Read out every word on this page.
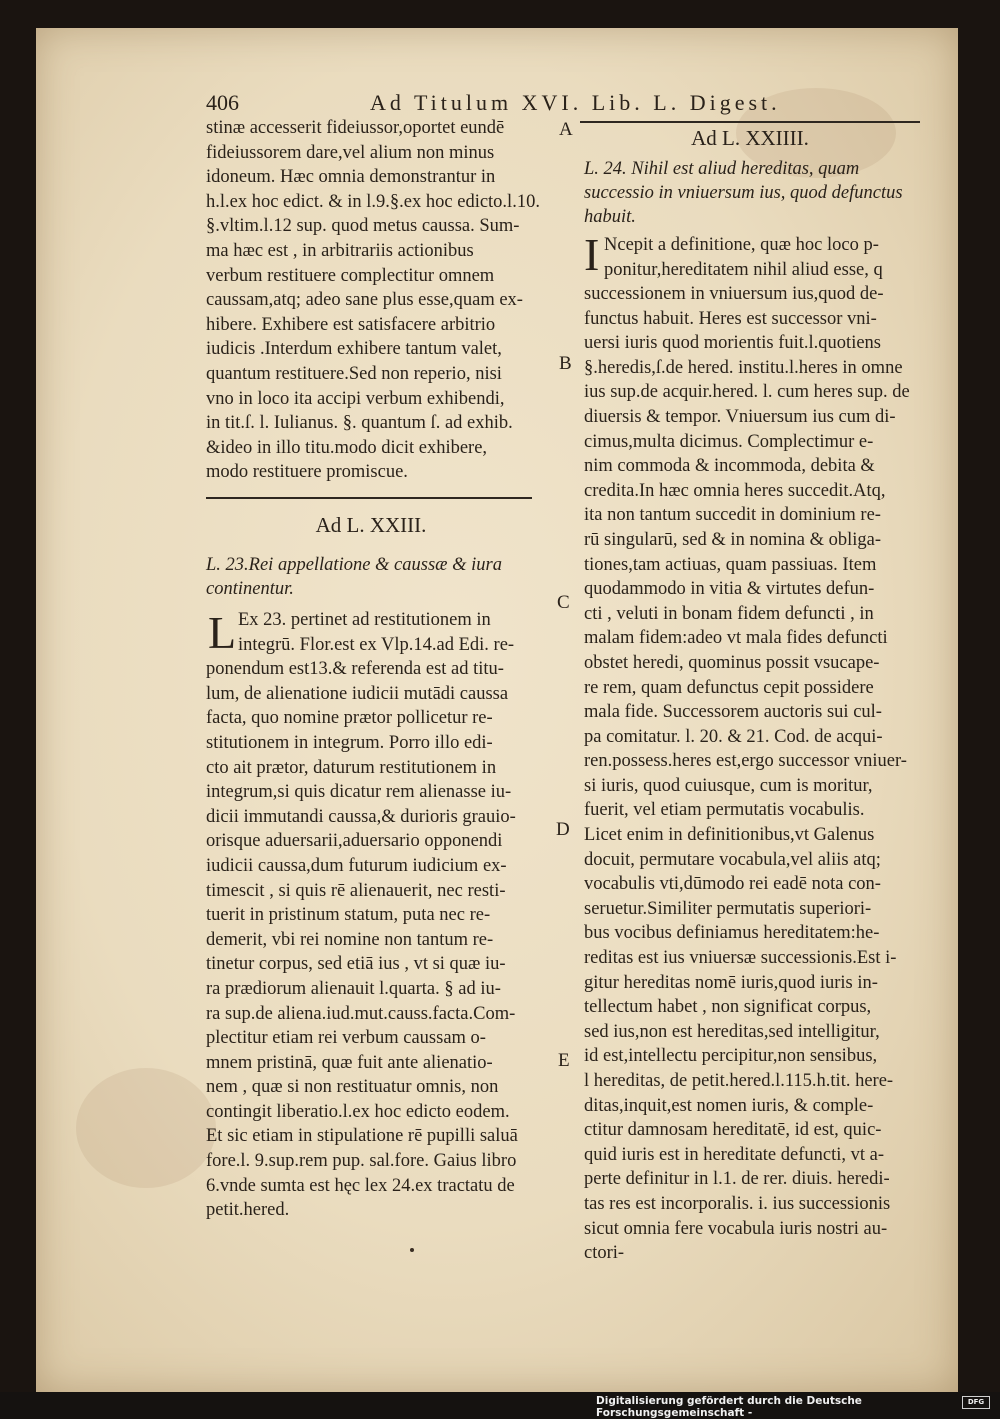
406	Ad Titulum XVI. Lib. L. Digest.
stinæ accesserit fideiussor,oportet eundē
fideiussorem dare,vel alium non minus
idoneum. Hæc omnia demonstrantur in
h.l.ex hoc edict. & in l.9.§.ex hoc edicto.l.10.
§.vltim.l.12 sup. quod metus caussa. Sum-
ma hæc est , in arbitrariis actionibus
verbum restituere complectitur omnem
caussam,atq; adeo sane plus esse,quam ex-
hibere. Exhibere est satisfacere arbitrio
iudicis .Interdum exhibere tantum valet,
quantum restituere.Sed non reperio, nisi
vno in loco ita accipi verbum exhibendi,
in tit.ſ. l. Iulianus. §. quantum ſ. ad exhib.
&ideo in illo titu.modo dicit exhibere,
modo restituere promiscue.
Ad L. XXIII.
L. 23.Rei appellatione & caussæ & iura
continentur.
L Ex 23. pertinet ad restitutionem in
integrū. Flor.est ex Vlp.14.ad Edi. re-
ponendum est13.& referenda est ad titu-
lum, de alienatione iudicii mutādi caussa
facta, quo nomine prætor pollicetur re-
stitutionem in integrum. Porro illo edi-
cto ait prætor, daturum restitutionem in
integrum,si quis dicatur rem alienasse iu-
dicii immutandi caussa,& durioris grauio-
orisque aduersarii,aduersario opponendi
iudicii caussa,dum futurum iudicium ex-
timescit , si quis rē alienauerit, nec resti-
tuerit in pristinum statum, puta nec re-
demerit, vbi rei nomine non tantum re-
tinetur corpus, sed etiā ius , vt si quæ iu-
ra prædiorum alienauit l.quarta. § ad iu-
ra sup.de aliena.iud.mut.causs.facta.Com-
plectitur etiam rei verbum caussam o-
mnem pristinā, quæ fuit ante alienatio-
nem , quæ si non restituatur omnis, non
contingit liberatio.l.ex hoc edicto eodem.
Et sic etiam in stipulatione rē pupilli saluā
fore.l. 9.sup.rem pup. sal.fore. Gaius libro
6.vnde sumta est hęc lex 24.ex tractatu de
petit.hered.
Ad L. XXIIII.
L. 24. Nihil est aliud hereditas, quam
successio in vniuersum ius, quod defunctus
habuit.
I Ncepit a definitione, quæ hoc loco p-
ponitur,hereditatem nihil aliud esse, q
successionem in vniuersum ius,quod de-
functus habuit. Heres est successor vni-
uersi iuris quod morientis fuit.l.quotiens
§.heredis,ſ.de hered. institu.l.heres in omne
ius sup.de acquir.hered. l. cum heres sup. de
diuersis & tempor. Vniuersum ius cum di-
cimus,multa dicimus. Complectimur e-
nim commoda & incommoda, debita &
credita.In hæc omnia heres succedit.Atq,
ita non tantum succedit in dominium re-
rū singularū, sed & in nomina & obliga-
tiones,tam actiuas, quam passiuas. Item
quodammodo in vitia & virtutes defun-
cti , veluti in bonam fidem defuncti , in
malam fidem:adeo vt mala fides defuncti
obstet heredi, quominus possit vsucape-
re rem, quam defunctus cepit possidere
mala fide. Successorem auctoris sui cul-
pa comitatur. l. 20. & 21. Cod. de acqui-
ren.possess.heres est,ergo successor vniuer-
si iuris, quod cuiusque, cum is moritur,
fuerit, vel etiam permutatis vocabulis.
Licet enim in definitionibus,vt Galenus
docuit, permutare vocabula,vel aliis atq;
vocabulis vti,dūmodo rei eadē nota con-
seruetur.Similiter permutatis superiori-
bus vocibus definiamus hereditatem:he-
reditas est ius vniuersæ successionis.Est i-
gitur hereditas nomē iuris,quod iuris in-
tellectum habet , non significat corpus,
sed ius,non est hereditas,sed intelligitur,
id est,intellectu percipitur,non sensibus,
l hereditas, de petit.hered.l.115.h.tit. here-
ditas,inquit,est nomen iuris, & comple-
ctitur damnosam hereditatē, id est, quic-
quid iuris est in hereditate defuncti, vt a-
perte definitur in l.1. de rer. diuis. heredi-
tas res est incorporalis. i. ius successionis
sicut omnia fere vocabula iuris nostri au-
ctori-
A
B
C
D
E
Digitalisierung gefördert durch die Deutsche Forschungsgemeinschaft -
DFG
